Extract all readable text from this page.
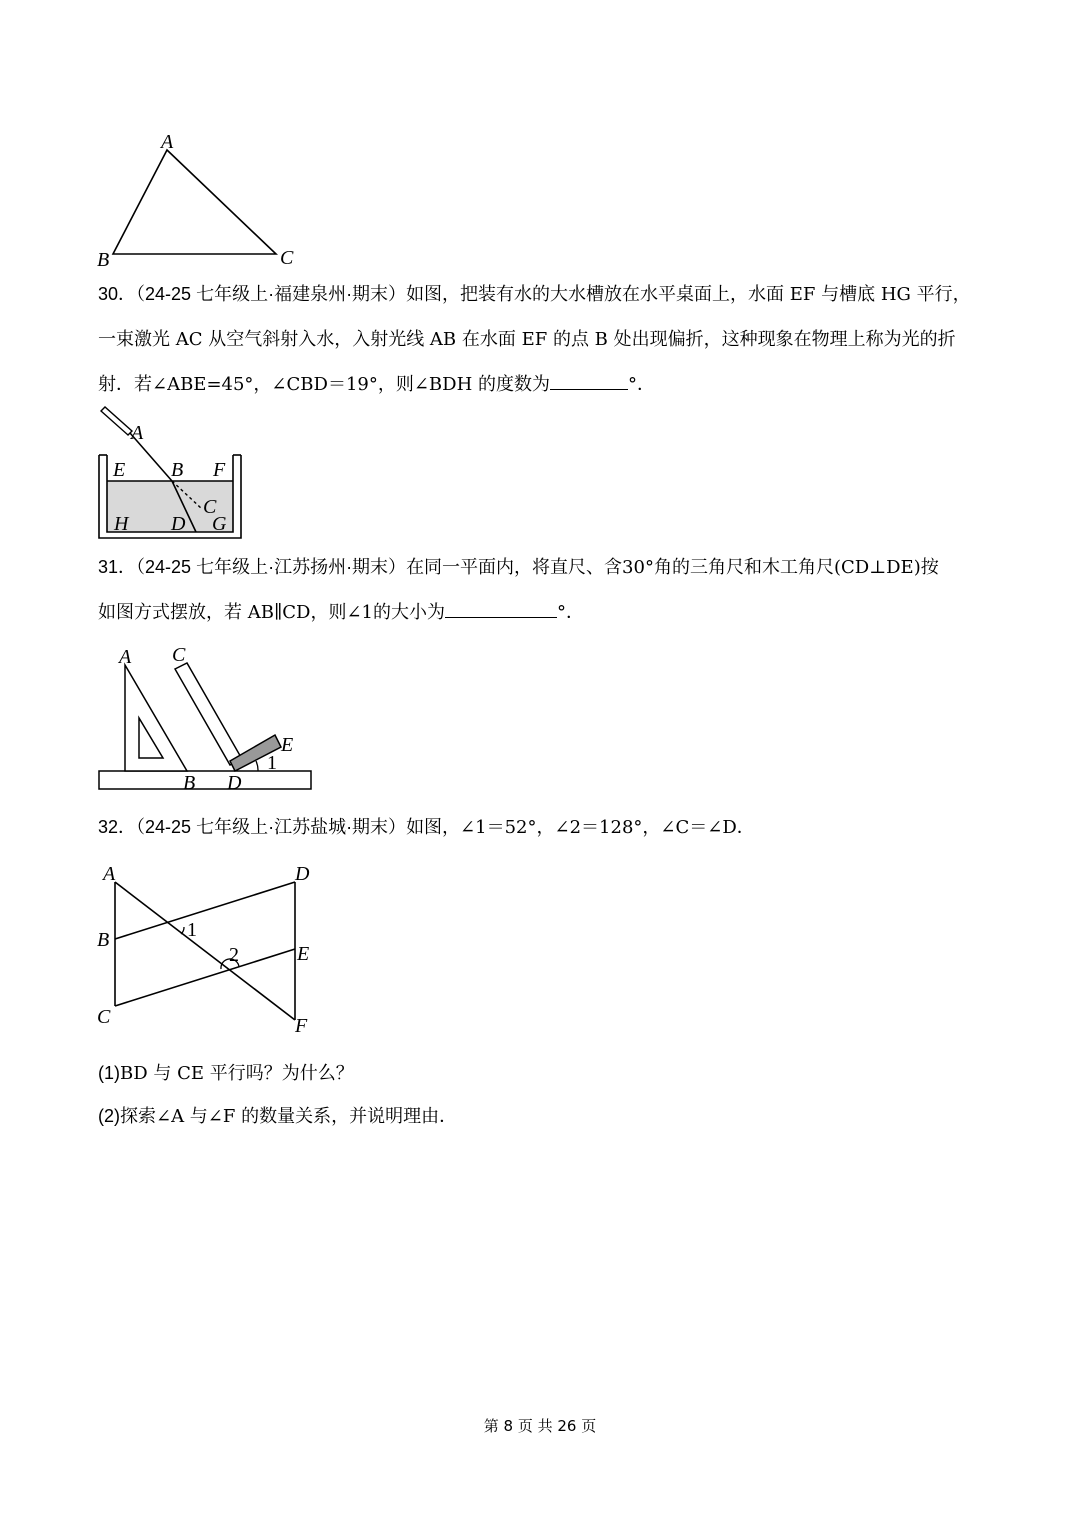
A
B	C
30．（24-25 七年级上·福建泉州·期末）如图，把装有水的大水槽放在水平桌面上，水面 EF 与槽底 HG 平行，
一束激光 AC 从空气斜射入水，入射光线 AB 在水面 EF 的点 B 处出现偏折，这种现象在物理上称为光的折
射．若∠ABE=45°，∠CBD＝19°，则∠BDH 的度数为	°．
A
E B F
C
H D G
31．（24-25 七年级上·江苏扬州·期末）在同一平面内，将直尺、含30°角的三角尺和木工角尺(CD⊥DE)按
如图方式摆放，若 AB∥CD，则∠1的大小为	°．
A C
E
1
B D
32．（24-25 七年级上·江苏盐城·期末）如图，∠1＝52°，∠2＝128°，∠C＝∠D．
A	D
B	1
2	E
C	F
(1)BD 与 CE 平行吗？为什么？
(2)探索∠A 与∠F 的数量关系，并说明理由．
第 8 页 共 26 页
